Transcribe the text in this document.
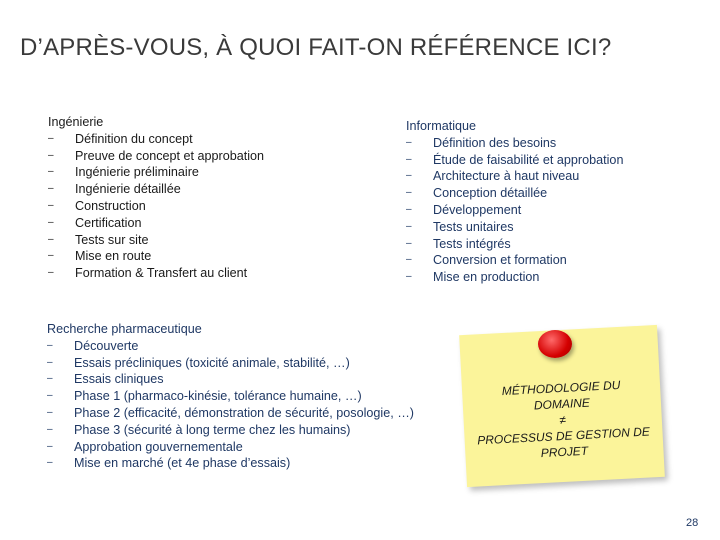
D’APRÈS-VOUS, À QUOI FAIT-ON RÉFÉRENCE ICI?
Ingénierie
– Définition du concept
– Preuve de concept et approbation
– Ingénierie préliminaire
– Ingénierie détaillée
– Construction
– Certification
– Tests sur site
– Mise en route
– Formation & Transfert au client
Informatique
– Définition des besoins
– Étude de faisabilité et approbation
– Architecture à haut niveau
– Conception détaillée
– Développement
– Tests unitaires
– Tests intégrés
– Conversion et formation
– Mise en production
Recherche pharmaceutique
– Découverte
– Essais précliniques (toxicité animale, stabilité, …)
– Essais cliniques
– Phase 1 (pharmaco-kinésie, tolérance humaine, …)
– Phase 2 (efficacité, démonstration de sécurité, posologie, …)
– Phase 3 (sécurité à long terme chez les humains)
– Approbation gouvernementale
– Mise en marché (et 4e phase d’essais)
MÉTHODOLOGIE DU
DOMAINE
≠
PROCESSUS DE GESTION DE
PROJET
28
